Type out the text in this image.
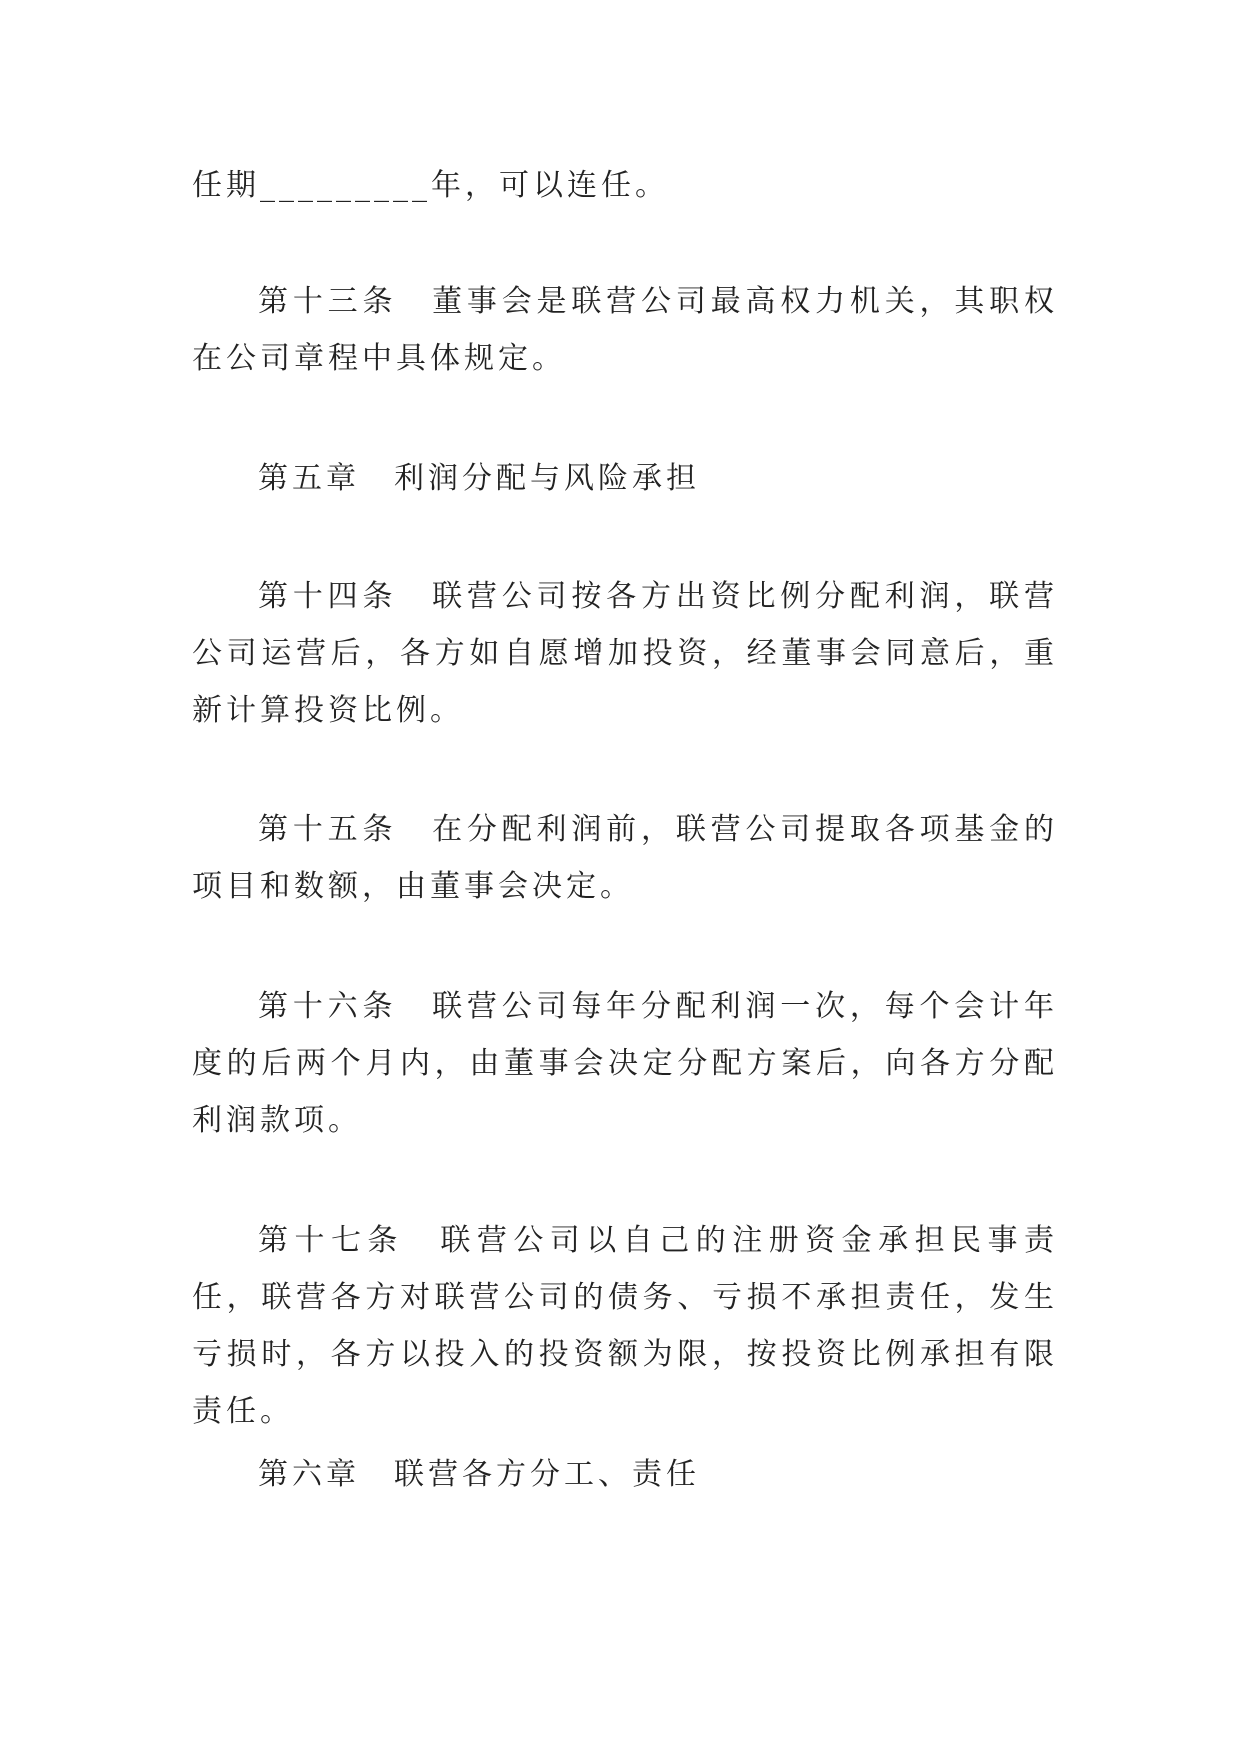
任期_________年，可以连任。

第十三条　董事会是联营公司最高权力机关，其职权在公司章程中具体规定。

第五章　利润分配与风险承担

第十四条　联营公司按各方出资比例分配利润，联营公司运营后，各方如自愿增加投资，经董事会同意后，重新计算投资比例。

第十五条　在分配利润前，联营公司提取各项基金的项目和数额，由董事会决定。

第十六条　联营公司每年分配利润一次，每个会计年度的后两个月内，由董事会决定分配方案后，向各方分配利润款项。

第十七条　联营公司以自己的注册资金承担民事责任，联营各方对联营公司的债务、亏损不承担责任，发生亏损时，各方以投入的投资额为限，按投资比例承担有限责任。

第六章　联营各方分工、责任
